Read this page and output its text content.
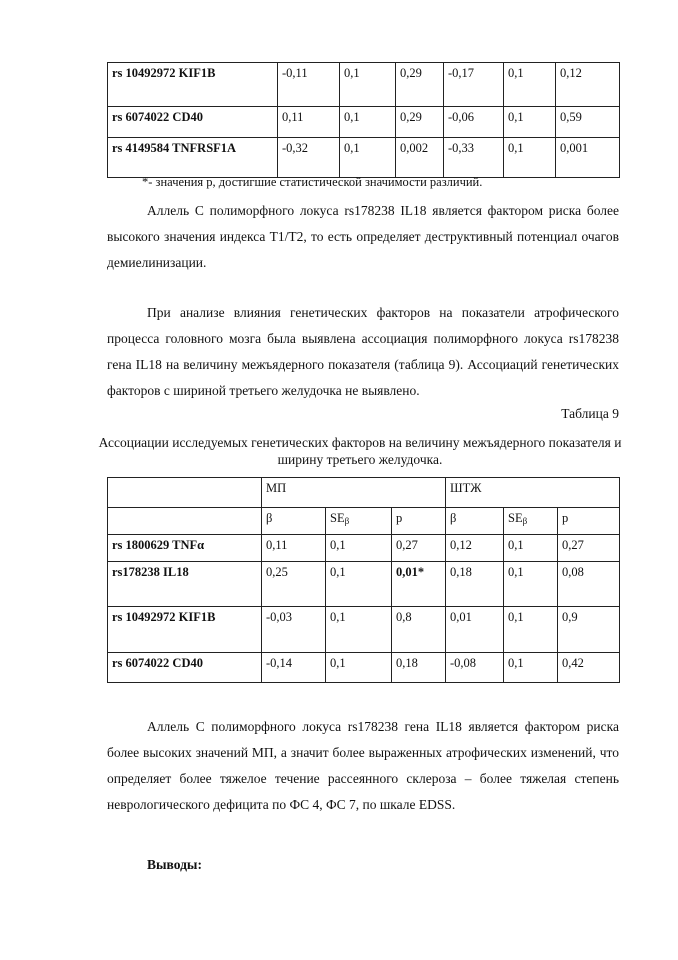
rs 10492972 KIF1B	-0,11	0,1	0,29	-0,17	0,1	0,12
rs 6074022 CD40	0,11	0,1	0,29	-0,06	0,1	0,59
rs 4149584 TNFRSF1A	-0,32	0,1	0,002	-0,33	0,1	0,001
*- значения р, достигшие статистической значимости различий.
Аллель С полиморфного локуса rs178238 IL18 является фактором риска более высокого значения индекса Т1/Т2, то есть определяет деструктивный потенциал очагов демиелинизации.
При анализе влияния генетических факторов на показатели атрофического процесса головного мозга была выявлена ассоциация полиморфного локуса rs178238 гена IL18 на величину межъядерного показателя (таблица 9). Ассоциаций генетических факторов с шириной третьего желудочка не выявлено.
Таблица 9
Ассоциации исследуемых генетических факторов на величину межъядерного показателя и ширину третьего желудочка.
	МП			ШТЖ		
	β	$SE_\beta$	p	β	$SE_\beta$	p
rs 1800629 TNFα	0,11	0,1	0,27	0,12	0,1	0,27
rs178238 IL18	0,25	0,1	0,01*	0,18	0,1	0,08
rs 10492972 KIF1B	-0,03	0,1	0,8	0,01	0,1	0,9
rs 6074022 CD40	-0,14	0,1	0,18	-0,08	0,1	0,42
Аллель С полиморфного локуса rs178238 гена IL18 является фактором риска более высоких значений МП, а значит более выраженных атрофических изменений, что определяет более тяжелое течение рассеянного склероза – более тяжелая степень неврологического дефицита по ФС 4, ФС 7, по шкале EDSS.
Выводы:
